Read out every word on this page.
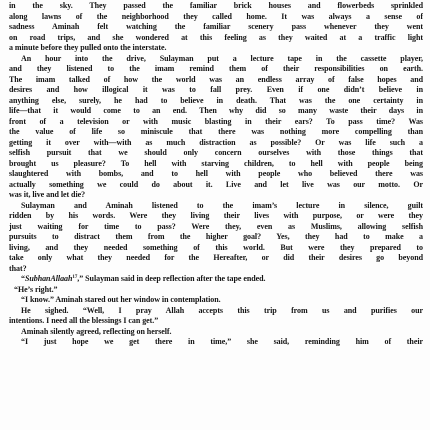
in the sky. They passed the familiar brick houses and flowerbeds sprinkled
along lawns of the neighborhood they called home. It was always a sense of
sadness Aminah felt watching the familiar scenery pass whenever they went
on road trips, and she wondered at this feeling as they waited at a traffic light
a minute before they pulled onto the interstate.
An hour into the drive, Sulayman put a lecture tape in the cassette player,
and they listened to the imam remind them of their responsibilities on earth.
The imam talked of how the world was an endless array of false hopes and
desires and how illogical it was to fall prey. Even if one didn’t believe in
anything else, surely, he had to believe in death. That was the one certainty in
life—that it would come to an end. Then why did so many waste their days in
front of a television or with music blasting in their ears? To pass time? Was
the value of life so miniscule that there was nothing more compelling than
getting it over with—with as much distraction as possible? Or was life such a
selfish pursuit that we should only concern ourselves with those things that
brought us pleasure? To hell with starving children, to hell with people being
slaughtered with bombs, and to hell with people who believed there was
actually something we could do about it. Live and let live was our motto. Or
was it, live and let die?
Sulayman and Aminah listened to the imam’s lecture in silence, guilt
ridden by his words. Were they living their lives with purpose, or were they
just waiting for time to pass? Were they, even as Muslims, allowing selfish
pursuits to distract them from the higher goal? Yes, they had to make a
living, and they needed something of this world. But were they prepared to
take only what they needed for the Hereafter, or did their desires go beyond
that?
“SubhanAllaah$^{17}$,” Sulayman said in deep reflection after the tape ended.
“He’s right.”
“I know.” Aminah stared out her window in contemplation.
He sighed. “Well, I pray Allah accepts this trip from us and purifies our
intentions. I need all the blessings I can get.”
Aminah silently agreed, reflecting on herself.
“I just hope we get there in time,” she said, reminding him of their
